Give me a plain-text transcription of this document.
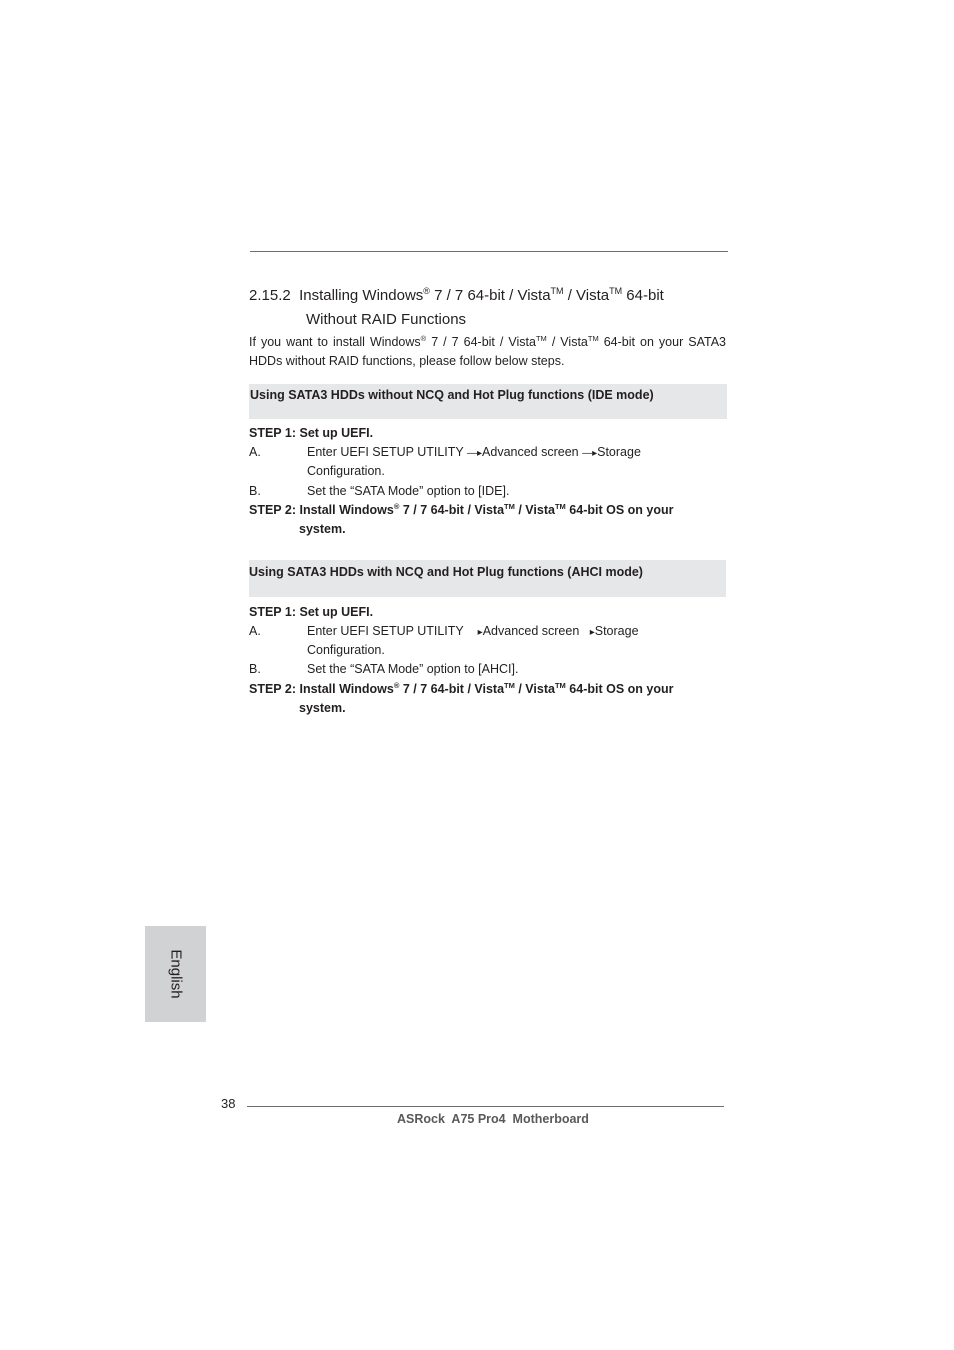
2.15.2 Installing Windows® 7 / 7 64-bit / Vista™ / Vista™ 64-bit
Without RAID Functions
If you want to install Windows® 7 / 7 64-bit / Vista™ / Vista™ 64-bit on your SATA3
HDDs without RAID functions, please follow below steps.
Using SATA3 HDDs without NCQ and Hot Plug functions (IDE mode)
STEP 1: Set up UEFI.
A.	Enter UEFI SETUP UTILITY —▸Advanced screen —▸Storage
Configuration.
B.	Set the “SATA Mode” option to [IDE].
STEP 2: Install Windows® 7 / 7 64-bit / Vista™ / Vista™ 64-bit OS on your
system.
Using SATA3 HDDs with NCQ and Hot Plug functions (AHCI mode)
STEP 1: Set up UEFI.
A.	Enter UEFI SETUP UTILITY ▸Advanced screen ▸Storage
Configuration.
B.	Set the “SATA Mode” option to [AHCI].
STEP 2: Install Windows® 7 / 7 64-bit / Vista™ / Vista™ 64-bit OS on your
system.
English
38
ASRock  A75 Pro4  Motherboard
